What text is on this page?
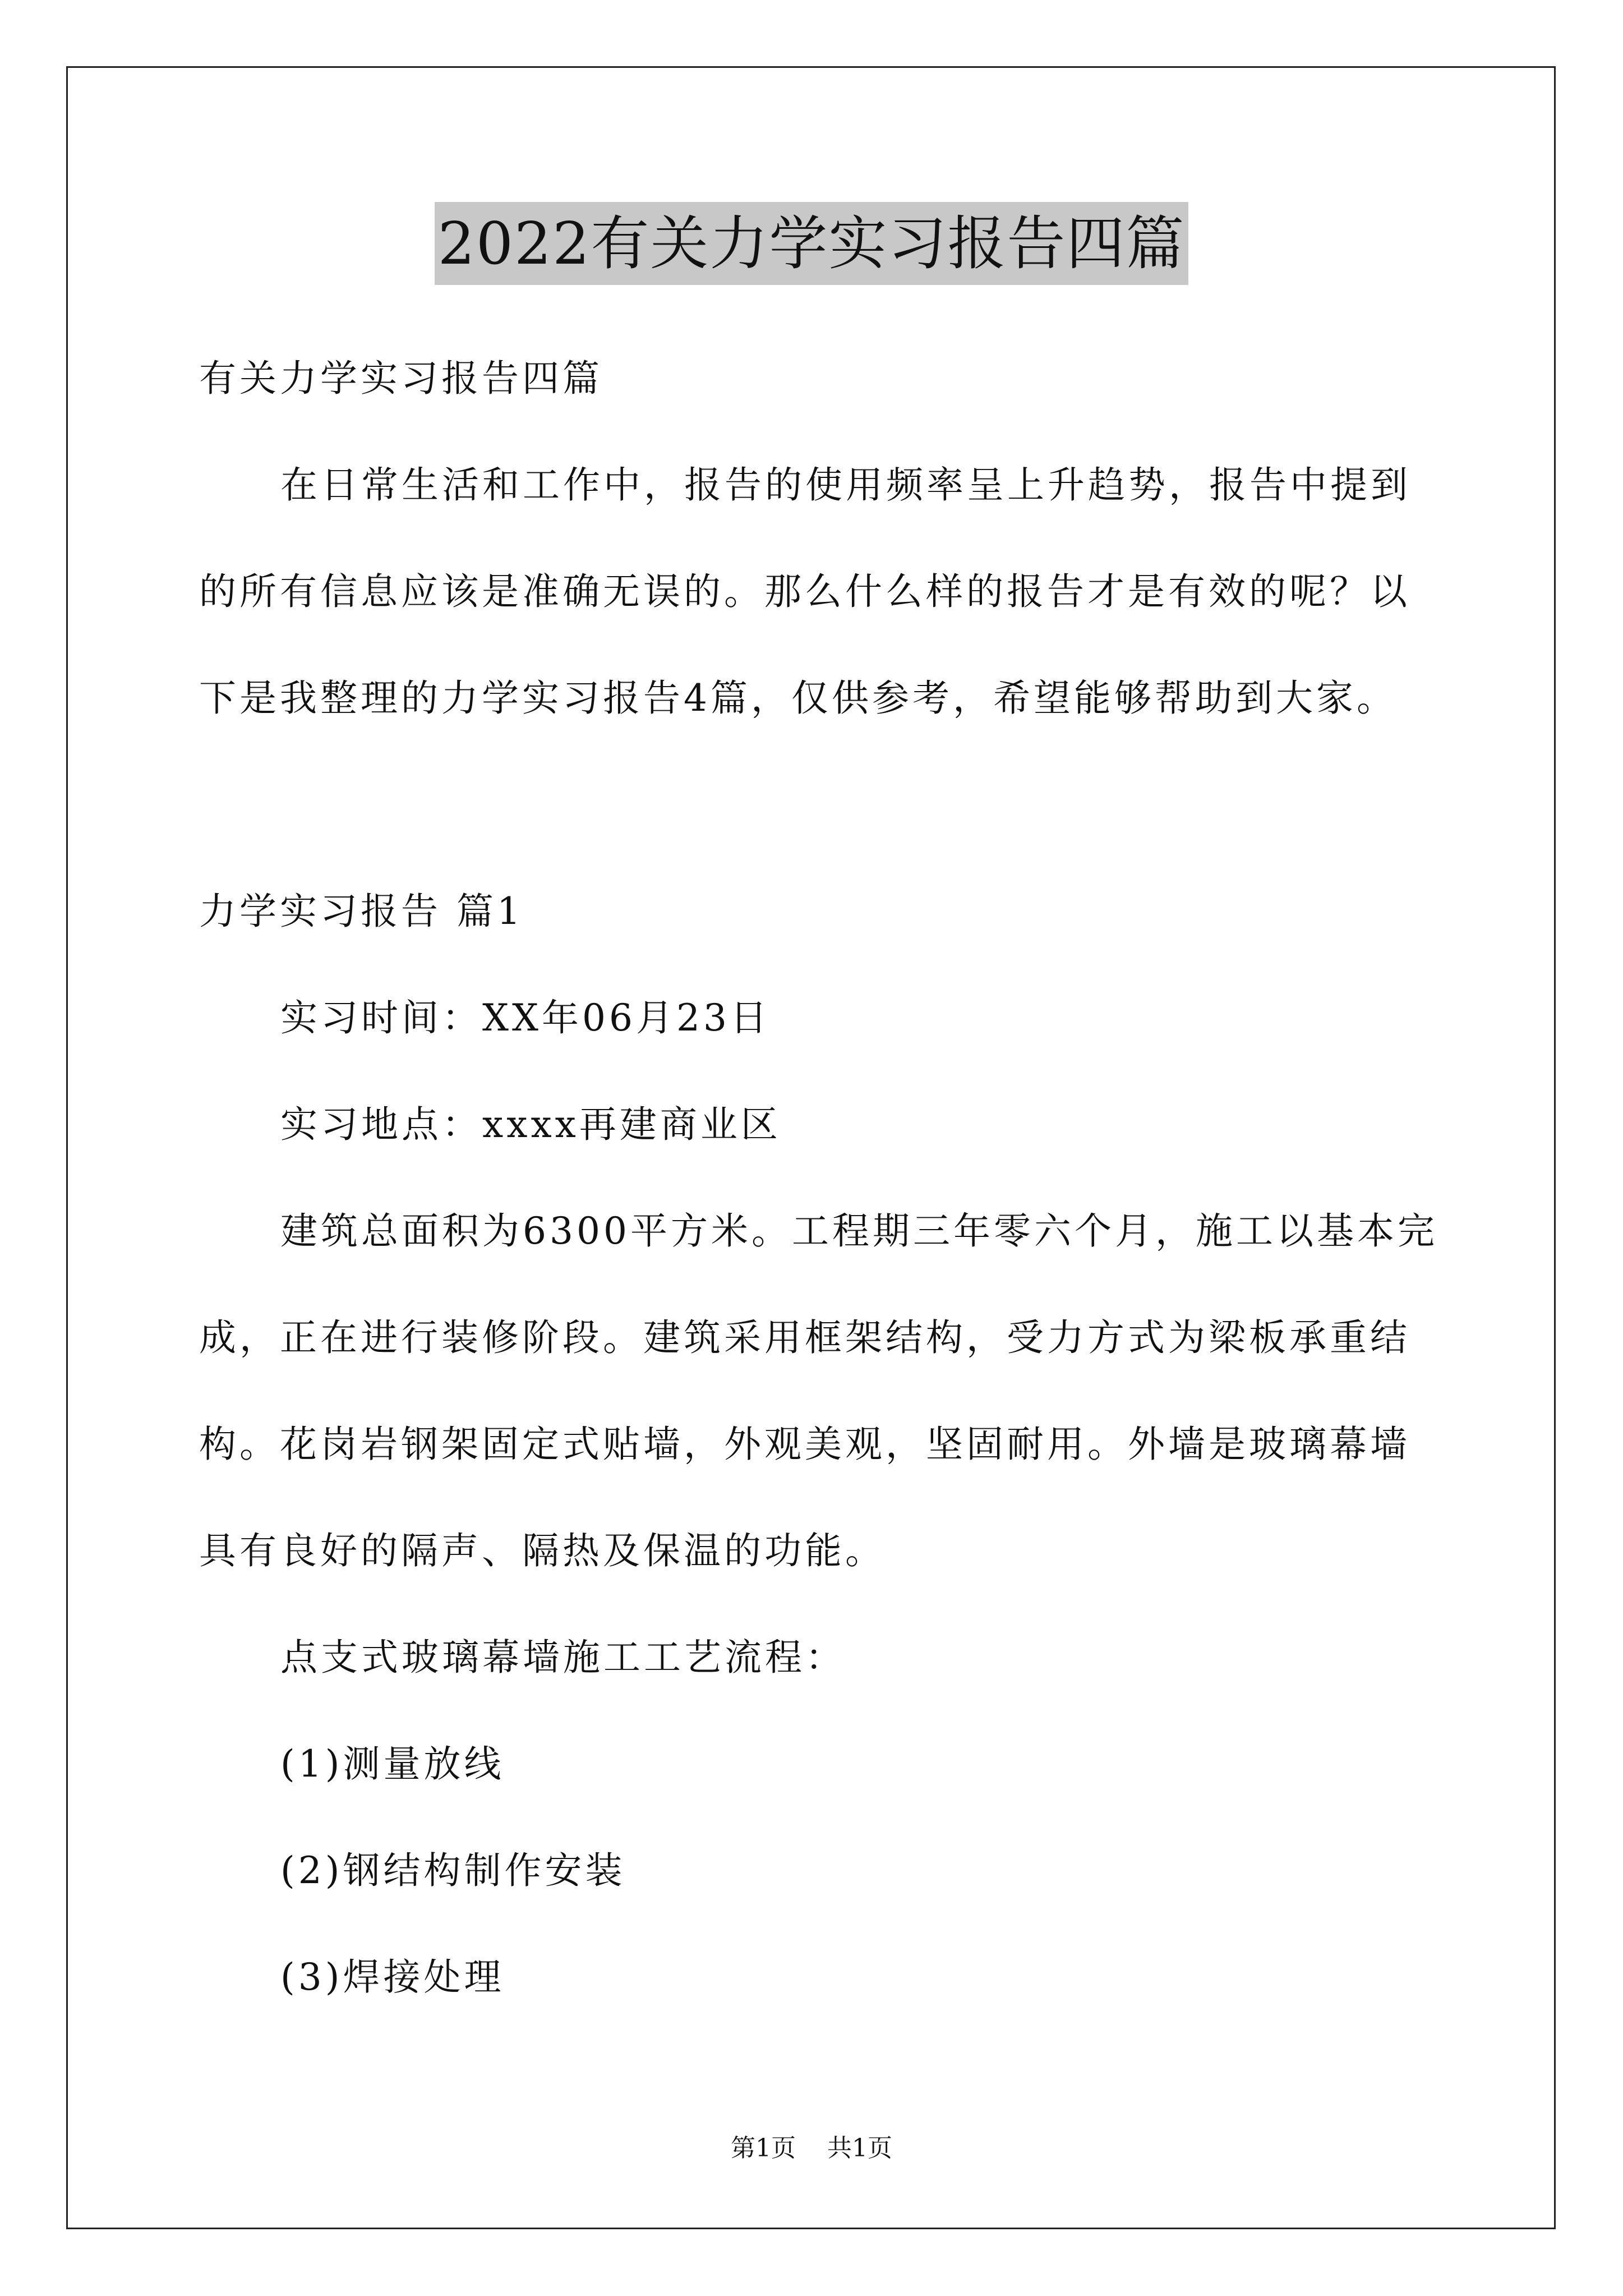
2022有关力学实习报告四篇
有关力学实习报告四篇
在日常生活和工作中，报告的使用频率呈上升趋势，报告中提到
的所有信息应该是准确无误的。那么什么样的报告才是有效的呢？以
下是我整理的力学实习报告4篇，仅供参考，希望能够帮助到大家。
力学实习报告 篇1
实习时间：XX年06月23日
实习地点：xxxx再建商业区
建筑总面积为6300平方米。工程期三年零六个月，施工以基本完
成，正在进行装修阶段。建筑采用框架结构，受力方式为梁板承重结
构。花岗岩钢架固定式贴墙，外观美观，坚固耐用。外墙是玻璃幕墙
具有良好的隔声、隔热及保温的功能。
点支式玻璃幕墙施工工艺流程：
(1)测量放线
(2)钢结构制作安装
(3)焊接处理
第1页 共1页
